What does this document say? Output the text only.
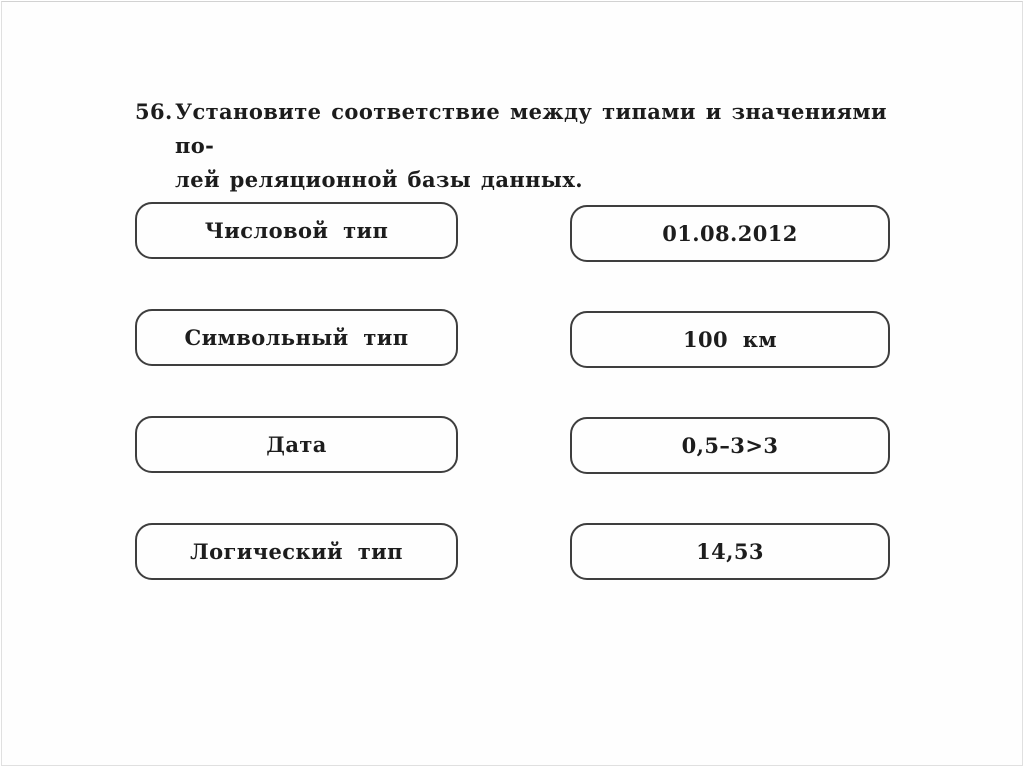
56. Установите соответствие между типами и значениями по-
лей реляционной базы данных.
Числовой тип
Символьный тип
Дата
Логический тип
01.08.2012
100 км
0,5–3>3
14,53
